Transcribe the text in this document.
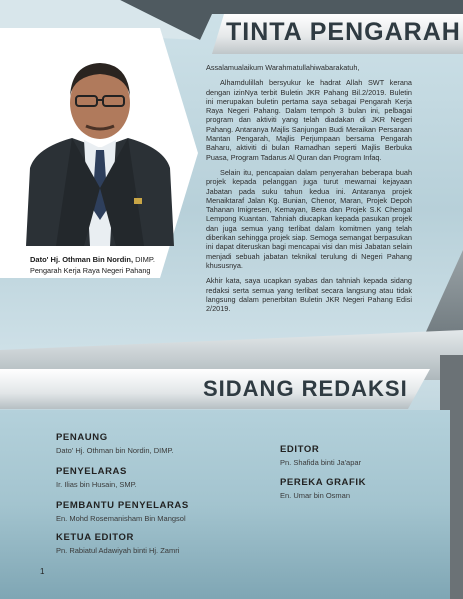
TINTA PENGARAH
Dato' Hj. Othman Bin Nordin, DIMP.
Pengarah Kerja Raya Negeri Pahang

Assalamualaikum Warahmatullahiwabarakatuh,

Alhamdulillah bersyukur ke hadrat Allah SWT kerana dengan izinNya terbit Buletin JKR Pahang Bil.2/2019. Buletin ini merupakan buletin pertama saya sebagai Pengarah Kerja Raya Negeri Pahang. Dalam tempoh 3 bulan ini, pelbagai program dan aktiviti yang telah diadakan di JKR Negeri Pahang. Antaranya Majlis Sanjungan Budi Meraikan Persaraan Mantan Pengarah, Majlis Perjumpaan bersama Pengarah Baharu, aktiviti di bulan Ramadhan seperti Majlis Berbuka Puasa, Program Tadarus Al Quran dan Program Infaq.

Selain itu, pencapaian dalam penyerahan beberapa buah projek kepada pelanggan juga turut mewarnai kejayaan Jabatan pada suku tahun kedua ini. Antaranya projek Menaiktaraf Jalan Kg. Bunian, Chenor, Maran, Projek Depoh Tahanan Imigresen, Kemayan, Bera dan Projek S.K Chengal Lempong Kuantan. Tahniah diucapkan kepada pasukan projek dan juga semua yang terlibat dalam komitmen yang telah diberikan sehingga projek siap. Semoga semangat berpasukan ini dapat diteruskan bagi mencapai visi dan misi Jabatan selain menjadi sebuah jabatan teknikal terulung di Negeri Pahang khususnya.

Akhir kata, saya ucapkan syabas dan tahniah kepada sidang redaksi serta semua yang terlibat secara langsung atau tidak langsung dalam penerbitan Buletin JKR Negeri Pahang Edisi 2/2019.

SIDANG REDAKSI
PENAUNG
Dato' Hj. Othman bin Nordin, DIMP.
PENYELARAS
Ir. Ilias bin Husain, SMP.
PEMBANTU PENYELARAS
En. Mohd Rosemanisham Bin Mangsol
KETUA EDITOR
Pn. Rabiatul Adawiyah binti Hj. Zamri
EDITOR
Pn. Shafida binti Ja'apar
PEREKA GRAFIK
En. Umar bin Osman
1
